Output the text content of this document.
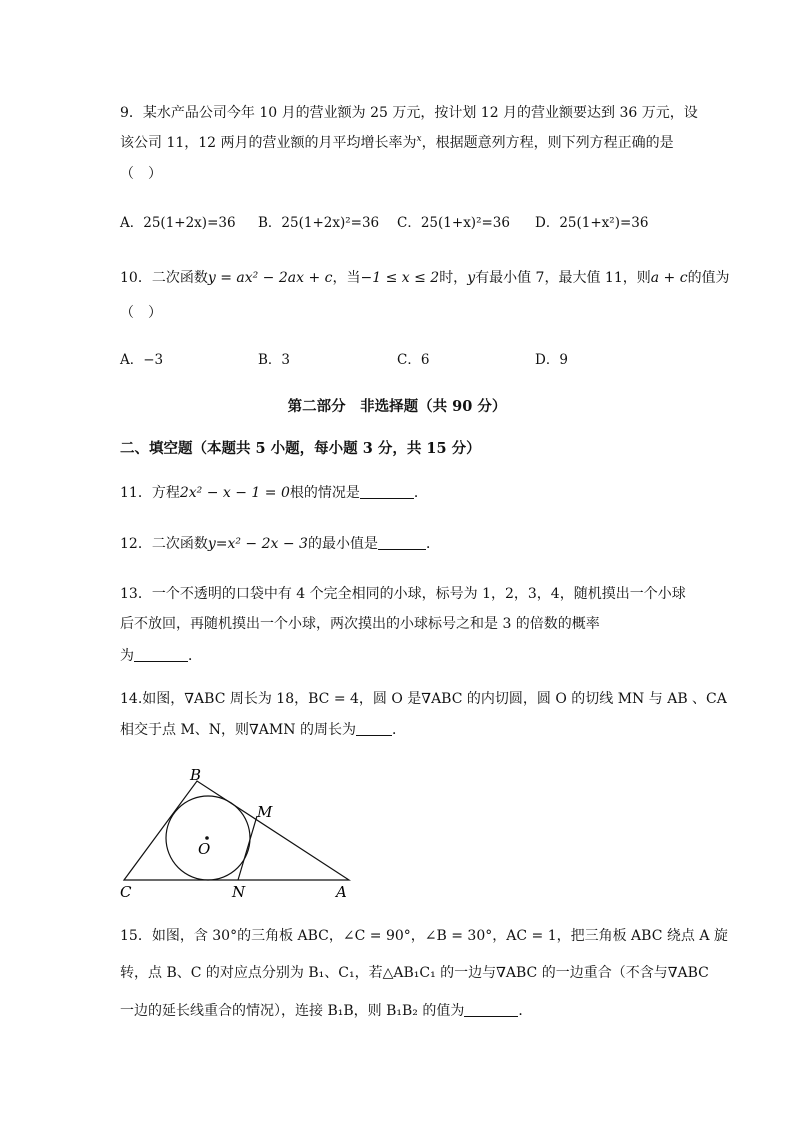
9．某水产品公司今年 10 月的营业额为 25 万元，按计划 12 月的营业额要达到 36 万元，设
该公司 11，12 两月的营业额的月平均增长率为$^x$，根据题意列方程，则下列方程正确的是
（　）
A．25(1+2x)=36 B．25(1+2x)²=36 C．25(1+x)²=36 D．25(1+x²)=36
10．二次函数y = ax² − 2ax + c，当−1 ≤ x ≤ 2时，y有最小值 7，最大值 11，则a + c的值为
（　）
A．−3	B．3	C．6	D．9
第二部分　非选择题（共 90 分）
二、填空题（本题共 5 小题，每小题 3 分，共 15 分）
11．方程2x² − x − 1 = 0根的情况是	．
12．二次函数y=x² − 2x − 3的最小值是	．
13．一个不透明的口袋中有 4 个完全相同的小球，标号为 1，2，3，4，随机摸出一个小球
后不放回，再随机摸出一个小球，两次摸出的小球标号之和是 3 的倍数的概率
为	．
14.如图，∇ABC 周长为 18，BC = 4，圆 O 是∇ABC 的内切圆，圆 O 的切线 MN 与 AB 、CA
相交于点 M、N，则∇AMN 的周长为	．
B
M
O
C	N	A
15．如图，含 30°的三角板 ABC，∠C = 90°，∠B = 30°，AC = 1，把三角板 ABC 绕点 A 旋
转，点 B、C 的对应点分别为 B₁、C₁，若△AB₁C₁ 的一边与∇ABC 的一边重合（不含与∇ABC
一边的延长线重合的情况），连接 B₁B，则 B₁B₂ 的值为	．
